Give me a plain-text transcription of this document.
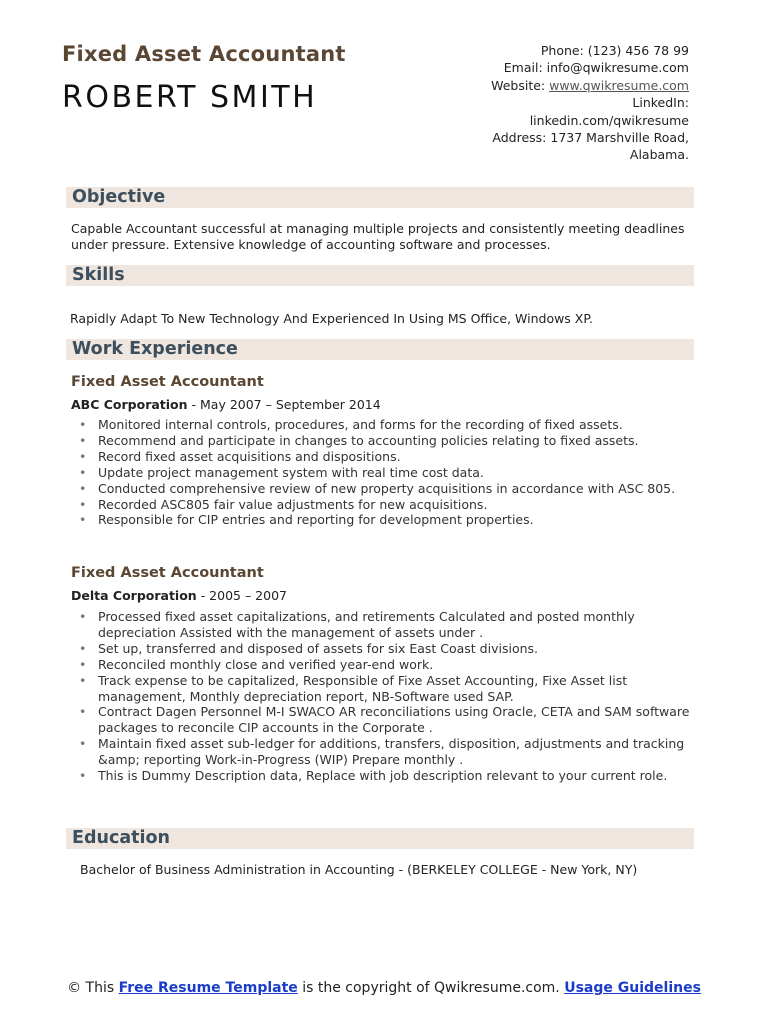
Fixed Asset Accountant
ROBERT SMITH
Phone: (123) 456 78 99
Email: info@qwikresume.com
Website: www.qwikresume.com
LinkedIn:
linkedin.com/qwikresume
Address: 1737 Marshville Road,
Alabama.
Objective
Capable Accountant successful at managing multiple projects and consistently meeting deadlines under pressure. Extensive knowledge of accounting software and processes.
Skills
Rapidly Adapt To New Technology And Experienced In Using MS Office, Windows XP.
Work Experience
Fixed Asset Accountant
ABC Corporation - May 2007 – September 2014
• Monitored internal controls, procedures, and forms for the recording of fixed assets.
• Recommend and participate in changes to accounting policies relating to fixed assets.
• Record fixed asset acquisitions and dispositions.
• Update project management system with real time cost data.
• Conducted comprehensive review of new property acquisitions in accordance with ASC 805.
• Recorded ASC805 fair value adjustments for new acquisitions.
• Responsible for CIP entries and reporting for development properties.
Fixed Asset Accountant
Delta Corporation - 2005 – 2007
• Processed fixed asset capitalizations, and retirements Calculated and posted monthly depreciation Assisted with the management of assets under .
• Set up, transferred and disposed of assets for six East Coast divisions.
• Reconciled monthly close and verified year-end work.
• Track expense to be capitalized, Responsible of Fixe Asset Accounting, Fixe Asset list management, Monthly depreciation report, NB-Software used SAP.
• Contract Dagen Personnel M-I SWACO AR reconciliations using Oracle, CETA and SAM software packages to reconcile CIP accounts in the Corporate .
• Maintain fixed asset sub-ledger for additions, transfers, disposition, adjustments and tracking &amp; reporting Work-in-Progress (WIP) Prepare monthly .
• This is Dummy Description data, Replace with job description relevant to your current role.
Education
Bachelor of Business Administration in Accounting - (BERKELEY COLLEGE - New York, NY)
© This Free Resume Template is the copyright of Qwikresume.com. Usage Guidelines
